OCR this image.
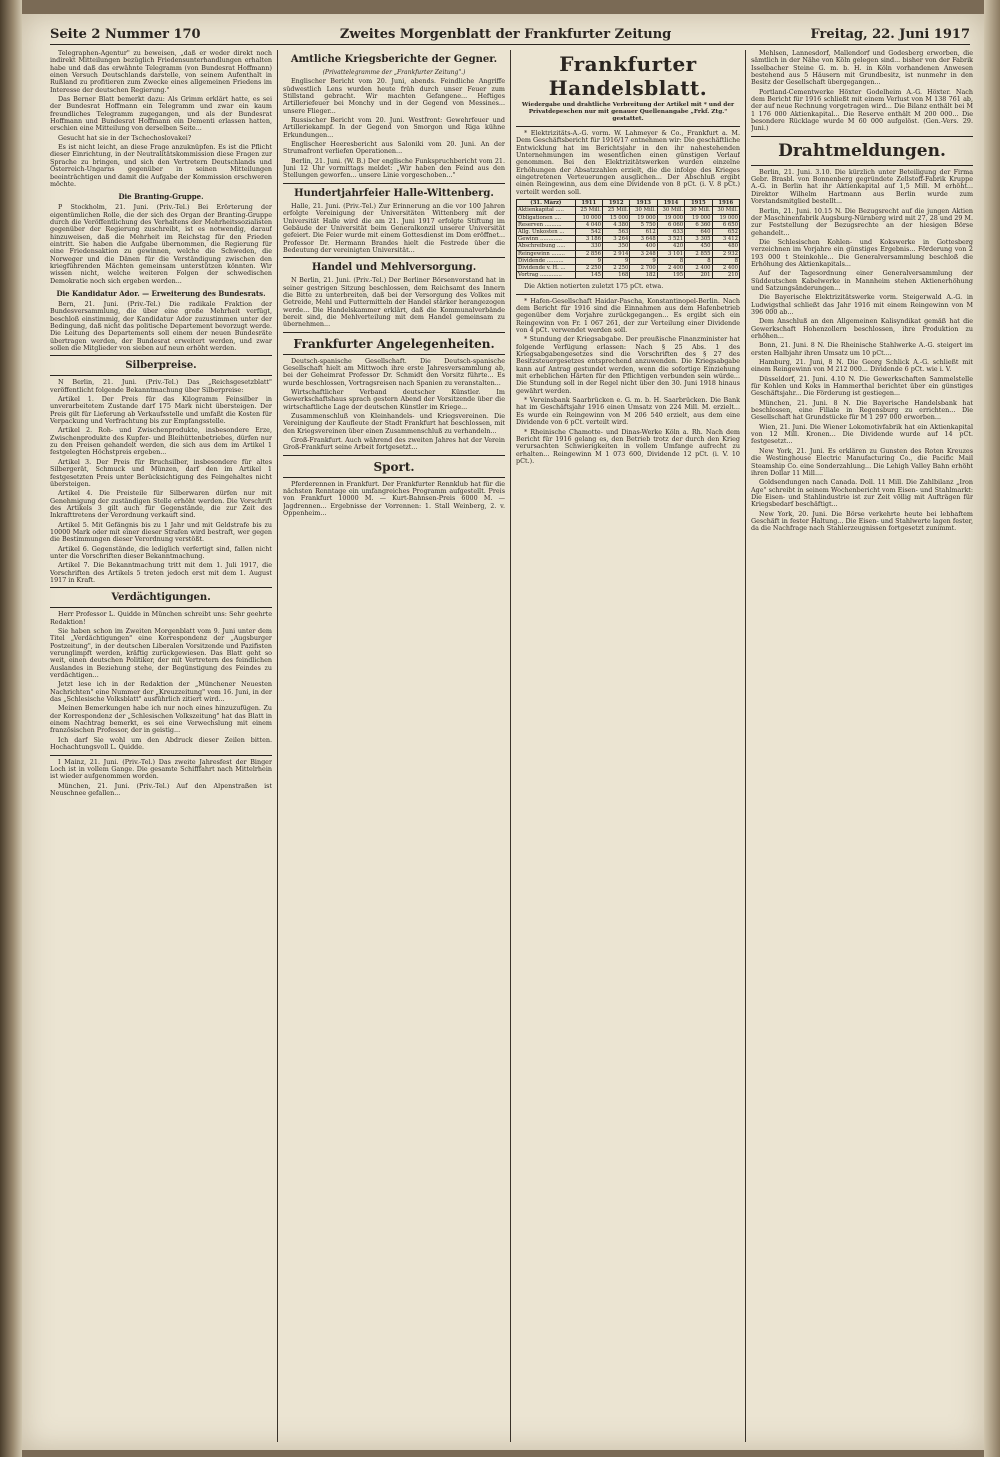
Seite 2 Nummer 170	Zweites Morgenblatt der Frankfurter Zeitung	Freitag, 22. Juni 1917

Telegraphen-Agentur" zu beweisen, „daß er weder direkt noch indirekt Mitteilungen bezüglich Friedensunterhandlungen erhalten habe und daß das erwähnte Telegramm (von Bundesrat Hoffmann) einen Versuch Deutschlands darstelle, von seinem Aufenthalt in Rußland zu profitieren zum Zwecke eines allgemeinen Friedens im Interesse der deutschen Regierung."

Das Berner Blatt bemerkt dazu: Als Grimm erklärt hatte, es sei der Bundesrat Hoffmann ein Telegramm und zwar ein kaum freundliches Telegramm zugegangen, und als der Bundesrat Hoffmann und Bundesrat Hoffmann ein Dementi erlassen hatten, erschien eine Mitteilung von derselben Seite...

Gesucht hat sie in der Tschechoslovakei?

Es ist nicht leicht, an diese Frage anzuknüpfen. Es ist die Pflicht dieser Einrichtung, in der Neutralitätskommission diese Fragen zur Sprache zu bringen, und sich den Vertretern Deutschlands und Österreich-Ungarns gegenüber in seinen Mitteilungen beeinträchtigen und damit die Aufgabe der Kommission erschweren möchte.

Die Branting-Gruppe.

P Stockholm, 21. Juni. (Priv.-Tel.) Bei Erörterung der eigentümlichen Rolle, die der sich des Organ der Branting-Gruppe durch die Veröffentlichung des Verhaltens der Mehrheitssozialisten gegenüber der Regierung zuschreibt, ist es notwendig, darauf hinzuweisen, daß die Mehrheit im Reichstag für den Frieden eintritt. Sie haben die Aufgabe übernommen, die Regierung für eine Friedensaktion zu gewinnen, welche die Schweden, die Norweger und die Dänen für die Verständigung zwischen den kriegführenden Mächten gemeinsam unterstützen könnten. Wir wissen nicht, welche weiteren Folgen der schwedischen Demokratie noch sich ergeben werden...

Die Kandidatur Ador. — Erweiterung des Bundesrats.

Bern, 21. Juni. (Priv.-Tel.) Die radikale Fraktion der Bundesversammlung, die über eine große Mehrheit verfügt, beschloß einstimmig, der Kandidatur Ador zuzustimmen unter der Bedingung, daß nicht das politische Departement bevorzugt werde. Die Leitung des Departements soll einem der neuen Bundesräte übertragen werden, der Bundesrat erweitert werden, und zwar sollen die Mitglieder von sieben auf neun erhöht werden.

Silberpreise.

N Berlin, 21. Juni. (Priv.-Tel.) Das „Reichsgesetzblatt" veröffentlicht folgende Bekanntmachung über Silberpreise:

Artikel 1. Der Preis für das Kilogramm Feinsilber in unverarbeitetem Zustande darf 175 Mark nicht übersteigen. Der Preis gilt für Lieferung ab Verkaufsstelle und umfaßt die Kosten für Verpackung und Verfrachtung bis zur Empfangsstelle.

Artikel 2. Roh- und Zwischenprodukte, insbesondere Erze, Zwischenprodukte des Kupfer- und Bleihüttenbetriebes, dürfen nur zu den Preisen gehandelt werden, die sich aus dem im Artikel 1 festgelegten Höchstpreis ergeben...

Artikel 3. Der Preis für Bruchsilber, insbesondere für altes Silbergerät, Schmuck und Münzen, darf den im Artikel 1 festgesetzten Preis unter Berücksichtigung des Feingehaltes nicht übersteigen.

Artikel 4. Die Preisteile für Silberwaren dürfen nur mit Genehmigung der zuständigen Stelle erhöht werden. Die Vorschrift des Artikels 3 gilt auch für Gegenstände, die zur Zeit des Inkrafttretens der Verordnung verkauft sind.

Artikel 5. Mit Gefängnis bis zu 1 Jahr und mit Geldstrafe bis zu 10000 Mark oder mit einer dieser Strafen wird bestraft, wer gegen die Bestimmungen dieser Verordnung verstößt.

Artikel 6. Gegenstände, die lediglich verfertigt sind, fallen nicht unter die Vorschriften dieser Bekanntmachung.

Artikel 7. Die Bekanntmachung tritt mit dem 1. Juli 1917, die Vorschriften des Artikels 5 treten jedoch erst mit dem 1. August 1917 in Kraft.

Verdächtigungen.

Herr Professor L. Quidde in München schreibt uns: Sehr geehrte Redaktion!

Sie haben schon im Zweiten Morgenblatt vom 9. Juni unter dem Titel „Verdächtigungen" eine Korrespondenz der „Augsburger Postzeitung", in der deutschen Liberalen Vorsitzende und Pazifisten verunglimpft werden, kräftig zurückgewiesen. Das Blatt geht so weit, einen deutschen Politiker, der mit Vertretern des feindlichen Auslandes in Beziehung stehe, der Begünstigung des Feindes zu verdächtigen...

Jetzt lese ich in der Redaktion der „Münchener Neuesten Nachrichten" eine Nummer der „Kreuzzeitung" vom 16. Juni, in der das „Schlesische Volksblatt" ausführlich zitiert wird...

Meinen Bemerkungen habe ich nur noch eines hinzuzufügen. Zu der Korrespondenz der „Schlesischen Volkszeitung" hat das Blatt in einem Nachtrag bemerkt, es sei eine Verwechslung mit einem französischen Professor, der in geistig...

Ich darf Sie wohl um den Abdruck dieser Zeilen bitten. Hochachtungsvoll L. Quidde.

I Mainz, 21. Juni. (Priv.-Tel.) Das zweite Jahresfest der Binger Loch ist in vollem Gange. Die gesamte Schifffahrt nach Mittelrhein ist wieder aufgenommen worden.

München, 21. Juni. (Priv.-Tel.) Auf den Alpenstraßen ist Neuschnee gefallen...

Amtliche Kriegsberichte der Gegner.
(Privattelegramme der „Frankfurter Zeitung".)

Englischer Bericht vom 20. Juni, abends. Feindliche Angriffe südwestlich Lens wurden heute früh durch unser Feuer zum Stillstand gebracht. Wir machten Gefangene... Heftiges Artilleriefeuer bei Monchy und in der Gegend von Messines... unsere Flieger...

Russischer Bericht vom 20. Juni. Westfront: Gewehrfeuer und Artilleriekampf. In der Gegend von Smorgon und Riga kühne Erkundungen...

Englischer Heeresbericht aus Saloniki vom 20. Juni. An der Strumafront verliefen Operationen...

Berlin, 21. Juni. (W. B.) Der englische Funkspruchbericht vom 21. Juni 12 Uhr vormittags meldet: „Wir haben den Feind aus den Stellungen geworfen... unsere Linie vorgeschoben..."

Hundertjahrfeier Halle-Wittenberg.

Halle, 21. Juni. (Priv.-Tel.) Zur Erinnerung an die vor 100 Jahren erfolgte Vereinigung der Universitäten Wittenberg mit der Universität Halle wird die am 21. Juni 1917 erfolgte Stiftung im Gebäude der Universität beim Generalkonzil unserer Universität gefeiert. Die Feier wurde mit einem Gottesdienst im Dom eröffnet... Professor Dr. Hermann Brandes hielt die Festrede über die Bedeutung der vereinigten Universität...

Handel und Mehlversorgung.

N Berlin, 21. Juni. (Priv.-Tel.) Der Berliner Börsenvorstand hat in seiner gestrigen Sitzung beschlossen, dem Reichsamt des Innern die Bitte zu unterbreiten, daß bei der Versorgung des Volkes mit Getreide, Mehl und Futtermitteln der Handel stärker herangezogen werde... Die Handelskammer erklärt, daß die Kommunalverbände bereit sind, die Mehlverteilung mit dem Handel gemeinsam zu übernehmen...

Frankfurter Angelegenheiten.

Deutsch-spanische Gesellschaft. Die Deutsch-spanische Gesellschaft hielt am Mittwoch ihre erste Jahresversammlung ab, bei der Geheimrat Professor Dr. Schmidt den Vorsitz führte... Es wurde beschlossen, Vortragsreisen nach Spanien zu veranstalten...

Wirtschaftlicher Verband deutscher Künstler. Im Gewerkschaftshaus sprach gestern Abend der Vorsitzende über die wirtschaftliche Lage der deutschen Künstler im Kriege...

Zusammenschluß von Kleinhandels- und Kriegsvereinen. Die Vereinigung der Kaufleute der Stadt Frankfurt hat beschlossen, mit den Kriegsvereinen über einen Zusammenschluß zu verhandeln...

Groß-Frankfurt. Auch während des zweiten Jahres hat der Verein Groß-Frankfurt seine Arbeit fortgesetzt...

Sport.

Pferderennen in Frankfurt. Der Frankfurter Rennklub hat für die nächsten Renntage ein umfangreiches Programm aufgestellt. Preis von Frankfurt 10000 M. — Kurt-Bahnsen-Preis 6000 M. — Jagdrennen... Ergebnisse der Vorrennen: 1. Stall Weinberg, 2. v. Oppenheim...

Frankfurter Handelsblatt.
Wiedergabe und drahtliche Verbreitung der Artikel mit * und der Privatdepeschen nur mit genauer Quellenangabe „Frkf. Ztg." gestattet.

* Elektrizitäts-A.-G. vorm. W. Lahmeyer & Co., Frankfurt a. M. Dem Geschäftsbericht für 1916/17 entnehmen wir: Die geschäftliche Entwicklung hat im Berichtsjahr in den ihr nahestehenden Unternehmungen im wesentlichen einen günstigen Verlauf genommen. Bei den Elektrizitätswerken wurden einzelne Erhöhungen der Absatzzahlen erzielt, die die infolge des Krieges eingetretenen Verteuerungen ausglichen... Der Abschluß ergibt einen Reingewinn, aus dem eine Dividende von 8 pCt. (i. V. 8 pCt.) verteilt werden soll.

(31. März)	1911	1912	1913	1914	1915	1916
Aktienkapital .....	25 Mill.	25 Mill.	30 Mill.	30 Mill.	30 Mill.	30 Mill.
Obligationen ....	10 000	15 000	19 000	19 000	19 000	19 000
Reserven ..........	4 040	4 380	5 750	6 060	6 360	6 650
Allg. Unkosten ...	542	563	612	633	640	652
Gewinn .............	3 186	3 264	3 648	3 521	3 305	3 412
Abschreibung .....	330	350	400	420	450	480
Reingewinn ........	2 856	2 914	3 248	3 101	2 855	2 932
Dividende ..........	9	9	9	8	8	8
Dividende v. H. ...	2 250	2 250	2 700	2 400	2 400	2 400
Vortrag .............	145	168	182	195	201	210

Die Aktien notierten zuletzt 175 pCt. etwa.

* Hafen-Gesellschaft Haidar-Pascha, Konstantinopel-Berlin. Nach dem Bericht für 1916 sind die Einnahmen aus dem Hafenbetrieb gegenüber dem Vorjahre zurückgegangen... Es ergibt sich ein Reingewinn von Fr. 1 067 261, der zur Verteilung einer Dividende von 4 pCt. verwendet werden soll.

* Stundung der Kriegsabgabe. Der preußische Finanzminister hat folgende Verfügung erlassen: Nach § 25 Abs. 1 des Kriegsabgabengesetzes sind die Vorschriften des § 27 des Besitzsteuergesetzes entsprechend anzuwenden. Die Kriegsabgabe kann auf Antrag gestundet werden, wenn die sofortige Einziehung mit erheblichen Härten für den Pflichtigen verbunden sein würde... Die Stundung soll in der Regel nicht über den 30. Juni 1918 hinaus gewährt werden.

* Vereinsbank Saarbrücken e. G. m. b. H. Saarbrücken. Die Bank hat im Geschäftsjahr 1916 einen Umsatz von 224 Mill. M. erzielt... Es wurde ein Reingewinn von M 206 540 erzielt, aus dem eine Dividende von 6 pCt. verteilt wird.

* Rheinische Chamotte- und Dinas-Werke Köln a. Rh. Nach dem Bericht für 1916 gelang es, den Betrieb trotz der durch den Krieg verursachten Schwierigkeiten in vollem Umfange aufrecht zu erhalten... Reingewinn M 1 073 600, Dividende 12 pCt. (i. V. 10 pCt.).

Mehlsen, Lannesdorf, Mallendorf und Godesberg erworben, die sämtlich in der Nähe von Köln gelegen sind... bisher von der Fabrik Isselbacher Steine G. m. b. H. in Köln vorhandenen Anwesen bestehend aus 5 Häusern mit Grundbesitz, ist nunmehr in den Besitz der Gesellschaft übergegangen...

Portland-Cementwerke Höxter Godelheim A.-G. Höxter. Nach dem Bericht für 1916 schließt mit einem Verlust von M 138 761 ab, der auf neue Rechnung vorgetragen wird... Die Bilanz enthält bei M 1 176 000 Aktienkapital... Die Reserve enthält M 200 000... Die besondere Rücklage wurde M 60 000 aufgelöst. (Gen.-Vers. 29. Juni.)

Drahtmeldungen.

Berlin, 21. Juni. 3.10. Die kürzlich unter Beteiligung der Firma Gebr. Brasbl. von Bonnenberg gegründete Zellstoff-Fabrik Kruppe A.-G. in Berlin hat ihr Aktienkapital auf 1,5 Mill. M erhöht... Direktor Wilhelm Hartmann aus Berlin wurde zum Vorstandsmitglied bestellt...

Berlin, 21. Juni. 10.15 N. Die Bezugsrecht auf die jungen Aktien der Maschinenfabrik Augsburg-Nürnberg wird mit 27, 28 und 29 M. zur Feststellung der Bezugsrechte an der hiesigen Börse gehandelt...

Die Schlesischen Kohlen- und Kokswerke in Gottesberg verzeichnen im Vorjahre ein günstiges Ergebnis... Förderung von 2 193 000 t Steinkohle... Die Generalversammlung beschloß die Erhöhung des Aktienkapitals...

Auf der Tagesordnung einer Generalversammlung der Süddeutschen Kabelwerke in Mannheim stehen Aktienerhöhung und Satzungsänderungen...

Die Bayerische Elektrizitätswerke vorm. Steigerwald A.-G. in Ludwigsthal schließt das Jahr 1916 mit einem Reingewinn von M 396 000 ab...

Dem Anschluß an den Allgemeinen Kalisyndikat gemäß hat die Gewerkschaft Hohenzollern beschlossen, ihre Produktion zu erhöhen...

Bonn, 21. Juni. 8 N. Die Rheinische Stahlwerke A.-G. steigert im ersten Halbjahr ihren Umsatz um 10 pCt....

Hamburg, 21. Juni, 8 N. Die Georg Schlick A.-G. schließt mit einem Reingewinn von M 212 000... Dividende 6 pCt. wie i. V.

Düsseldorf, 21. Juni. 4.10 N. Die Gewerkschaften Sammelstelle für Kohlen und Koks in Hammerthal berichtet über ein günstiges Geschäftsjahr... Die Förderung ist gestiegen...

München, 21. Juni. 8 N. Die Bayerische Handelsbank hat beschlossen, eine Filiale in Regensburg zu errichten... Die Gesellschaft hat Grundstücke für M 1 297 000 erworben...

Wien, 21. Juni. Die Wiener Lokomotivfabrik hat ein Aktienkapital von 12 Mill. Kronen... Die Dividende wurde auf 14 pCt. festgesetzt...

New York, 21. Juni. Es erklären zu Gunsten des Roten Kreuzes die Westinghouse Electric Manufacturing Co., die Pacific Mail Steamship Co. eine Sonderzahlung... Die Lehigh Valley Bahn erhöht ihren Dollar 11 Mill....

Goldsendungen nach Canada. Doll. 11 Mill. Die Zahlbilanz „Iron Age" schreibt in seinem Wochenbericht vom Eisen- und Stahlmarkt: Die Eisen- und Stahlindustrie ist zur Zeit völlig mit Aufträgen für Kriegsbedarf beschäftigt...

New York, 20. Juni. Die Börse verkehrte heute bei lebhaftem Geschäft in fester Haltung... Die Eisen- und Stahlwerte lagen fester, da die Nachfrage nach Stahlerzeugnissen fortgesetzt zunimmt.
